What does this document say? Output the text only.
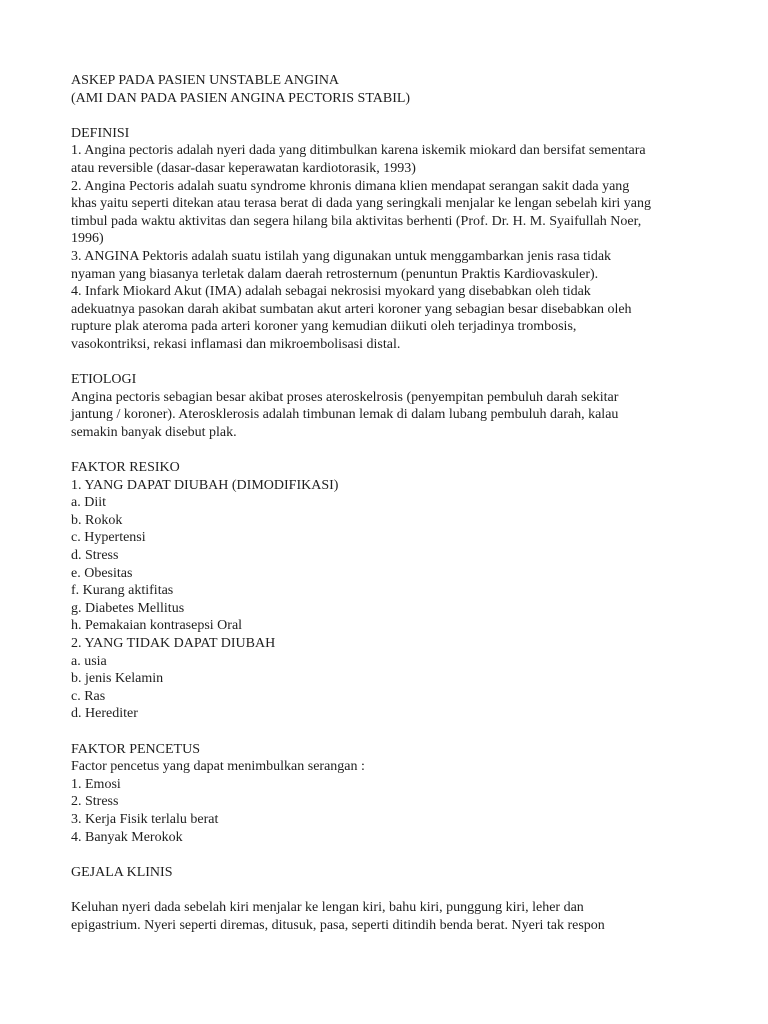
ASKEP PADA PASIEN UNSTABLE ANGINA
(AMI DAN PADA PASIEN ANGINA PECTORIS STABIL)
DEFINISI
1. Angina pectoris adalah nyeri dada yang ditimbulkan karena iskemik miokard dan bersifat sementara
atau reversible (dasar-dasar keperawatan kardiotorasik, 1993)
2. Angina Pectoris adalah suatu syndrome khronis dimana klien mendapat serangan sakit dada yang
khas yaitu seperti ditekan atau terasa berat di dada yang seringkali menjalar ke lengan sebelah kiri yang
timbul pada waktu aktivitas dan segera hilang bila aktivitas berhenti (Prof. Dr. H. M. Syaifullah Noer,
1996)
3. ANGINA Pektoris adalah suatu istilah yang digunakan untuk menggambarkan jenis rasa tidak
nyaman yang biasanya terletak dalam daerah retrosternum (penuntun Praktis Kardiovaskuler).
4. Infark Miokard Akut (IMA) adalah sebagai nekrosisi myokard yang disebabkan oleh tidak
adekuatnya pasokan darah akibat sumbatan akut arteri koroner yang sebagian besar disebabkan oleh
rupture plak ateroma pada arteri koroner yang kemudian diikuti oleh terjadinya trombosis,
vasokontriksi, rekasi inflamasi dan mikroembolisasi distal.
ETIOLOGI
Angina pectoris sebagian besar akibat proses ateroskelrosis (penyempitan pembuluh darah sekitar
jantung / koroner). Aterosklerosis adalah timbunan lemak di dalam lubang pembuluh darah, kalau
semakin banyak disebut plak.
FAKTOR RESIKO
1. YANG DAPAT DIUBAH (DIMODIFIKASI)
a. Diit
b. Rokok
c. Hypertensi
d. Stress
e. Obesitas
f. Kurang aktifitas
g. Diabetes Mellitus
h. Pemakaian kontrasepsi Oral
2. YANG TIDAK DAPAT DIUBAH
a. usia
b. jenis Kelamin
c. Ras
d. Herediter
FAKTOR PENCETUS
Factor pencetus yang dapat menimbulkan serangan :
1. Emosi
2. Stress
3. Kerja Fisik terlalu berat
4. Banyak Merokok
GEJALA KLINIS
Keluhan nyeri dada sebelah kiri menjalar ke lengan kiri, bahu kiri, punggung kiri, leher dan
epigastrium. Nyeri seperti diremas, ditusuk, pasa, seperti ditindih benda berat. Nyeri tak respon
